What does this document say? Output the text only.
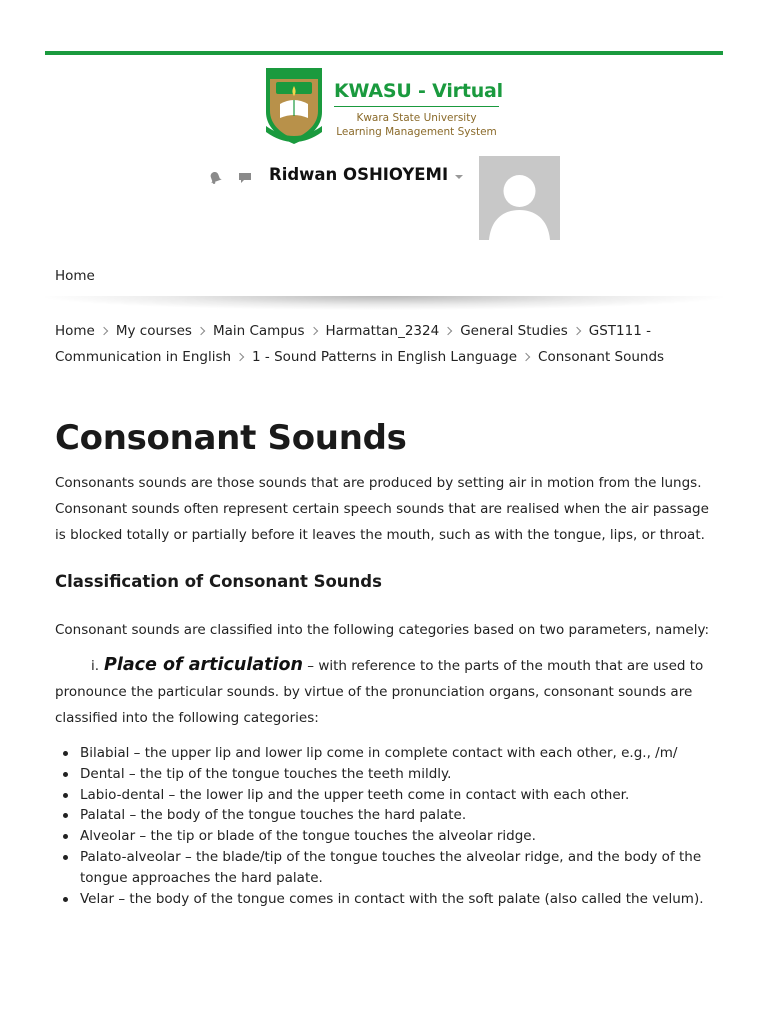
KWASU - Virtual
Kwara State University
Learning Management System
Ridwan OSHIOYEMI
Home
Home My courses Main Campus Harmattan_2324 General Studies GST111 - Communication in English 1 - Sound Patterns in English Language Consonant Sounds
Consonant Sounds

Consonants sounds are those sounds that are produced by setting air in motion from the lungs. Consonant sounds often represent certain speech sounds that are realised when the air passage is blocked totally or partially before it leaves the mouth, such as with the tongue, lips, or throat.

Classification of Consonant Sounds

Consonant sounds are classified into the following categories based on two parameters, namely:

i. Place of articulation – with reference to the parts of the mouth that are used to pronounce the particular sounds. by virtue of the pronunciation organs, consonant sounds are classified into the following categories:

Bilabial – the upper lip and lower lip come in complete contact with each other, e.g., /m/
Dental – the tip of the tongue touches the teeth mildly.
Labio-dental – the lower lip and the upper teeth come in contact with each other.
Palatal – the body of the tongue touches the hard palate.
Alveolar – the tip or blade of the tongue touches the alveolar ridge.
Palato-alveolar – the blade/tip of the tongue touches the alveolar ridge, and the body of the tongue approaches the hard palate.
Velar – the body of the tongue comes in contact with the soft palate (also called the velum).
